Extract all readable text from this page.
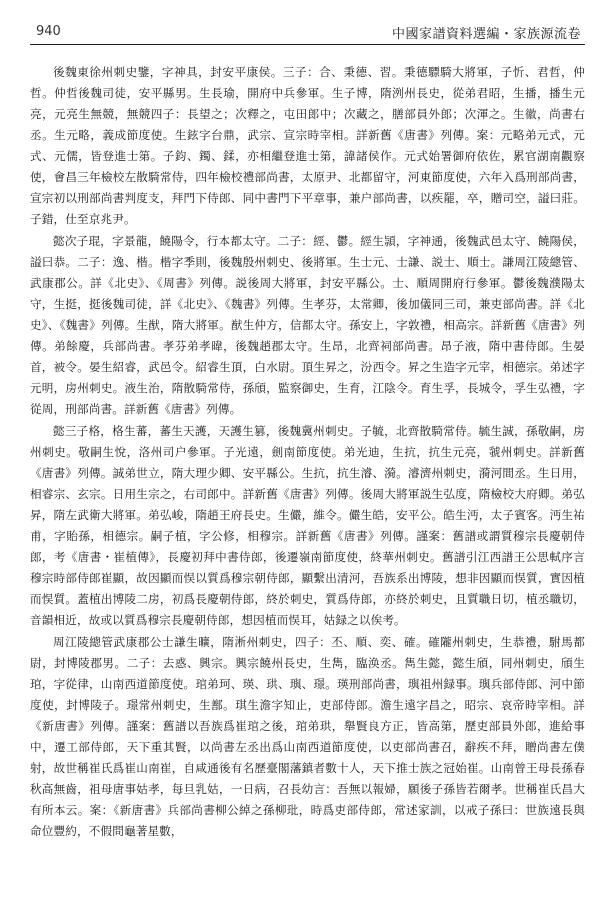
940	中國家譜資料選編・家族源流卷

後魏東徐州刺史鑒，字神具，封安平康侯。三子：合、秉德、習。秉德驃騎大將軍，子忻、君哲，仲哲。仲哲後魏司徒，安平縣男。生長瑜，開府中兵參軍。生子博，隋洌州長史，從弟君昭，生播，播生元亮，元亮生無競，無競四子：長望之；次釋之，屯田郎中；次藏之，膳部員外郎；次渾之。生徽，尚書右丞。生元略，義成節度使。生鉉字台鼎，武宗、宣宗時宰相。詳新舊《唐書》列傳。案：元略弟元式，元式、元儒，皆登進士第。子鈞、鐲、鍒，亦相繼登進士第，諱諸侯作。元式始署御府依佐，累官湖南觀察使，會昌三年檢校左散騎常侍，四年檢校禮部尚書，太原尹、北都留守，河東節度使，六年入爲刑部尚書，宣宗初以刑部尚書判度支，拜門下侍郎、同中書門下平章事，兼户部尚書，以疾罷，卒，贈司空，謚曰莊。子錯，仕至京兆尹。

懿次子琨，字景龍，饒陽令，行本都太守。二子：經、鬱。經生頴，字神通，後魏武邑太守、饒陽侯，謚曰恭。二子：逸、楷。楷字季則，後魏殷州刺史、後將軍。生士元、士謙、説士、順士。謙周江陵總管、武康郡公。詳《北史》、《周書》列傳。説後周大將軍，封安平縣公。士、順周開府行參軍。鬱後魏濮陽太守，生挺，挺後魏司徒，詳《北史》、《魏書》列傳。生孝芬，太常卿，後加儀同三司，兼吏部尚書。詳《北史》、《魏書》列傳。生猷，隋大將軍。猷生仲方，信都太守。孫安上，字敦禮，相高宗。詳新舊《唐書》列傳。弟餘慶，兵部尚書。孝芬弟孝暐，後魏趙郡太守。生昂，北齊祠部尚書。昂子液，隋中書侍郎。生晏首，被令。晏生紹睿，武邑令。紹睿生頂，白水尉。頂生昇之，汾西令。昇之生造字元宰，相德宗。弟述字元明，房州刺史。液生治，隋散騎常侍，孫頎，監察御史，生育，江陰令。育生孚，長城令，孚生弘禮，字從周，刑部尚書。詳新舊《唐書》列傳。

懿三子格，格生蕃，蕃生天護，天護生篡，後魏冀州刺史。子毓，北齊散騎常侍。毓生誠，孫敬嗣，房州刺史。敬嗣生悅，洛州司户參軍。子光遠，劍南節度使。弟光迪，生抗，抗生元亮，虢州刺史。詳新舊《唐書》列傳。誠弟世立，隋大理少卿、安平縣公。生抗，抗生濬、漪。濬濟州刺史，漪河間丞。生日用，相睿宗、玄宗。日用生宗之，右司郎中。詳新舊《唐書》列傳。後周大將軍説生弘度，隋檢校大府卿。弟弘昇，隋左武衛大將軍。弟弘峻，隋趙王府長史。生儼，維令。儼生皓，安平公。皓生沔，太子賓客。沔生祐甫，字貽孫，相德宗。嗣子植，字公修，相穆宗。詳新舊《唐書》列傳。謹案：舊譜或謂質穆宗長慶朝侍郎，考《唐書・崔植傳》，長慶初拜中書侍郎，後遷嶺南節度使，終華州刺史。舊譜引江西譜王公思軾序言穆宗時部侍郎崔顯，故因顯而悮以質爲穆宗朝侍郎，顯繫出清河，吾族系出博陵，想非因顯而悮質，實因植而悮質。蓋植出博陵二房，初爲長慶朝侍郎，終於刺史，質爲侍郎，亦終於刺史，且質職日切，植丞職切，音韻相近，故或以質爲穆宗長慶朝侍郎，想因植而悮耳，姑録之以俟考。

周江陵總管武康郡公士謙生曠，隋淅州刺史，四子：丕、順、奕、確。確隴州刺史，生恭禮，駙馬都尉，封博陵郡男。二子：去惑、興宗。興宗饒州長史，生雋，臨涣丞。雋生懿，懿生頎，同州刺史，頎生琯，字從律，山南西道節度使。琯弟珂、瑛、珙、璵、璟。瑛刑部尚書，璵祖州録事。璵兵部侍郎、河中節度使，封博陵子。璟常州刺史，生鄯。琪生澹字知止，吏部侍郎。澹生遠字昌之，昭宗、哀帝時宰相。詳《新唐書》列傳。謹案：舊譜以吾族爲崔琯之後，琯弟珙，舉賢良方正，皆高第，歷吏部員外郎，進給事中，遷工部侍郎，天下重其賢，以尚書左丞出爲山南西道節度使，以吏部尚書召，辭疾不拜，贈尚書左僕射，故世稱崔氏爲崔山南崔，自咸通後有名歷臺閣藩鎮者數十人，天下推士族之冠始崔。山南曾王母長孫春秋高無齒，祖母唐事姑孝，每旦乳姑，一日病，召長幼言：吾無以報婦，願後子孫皆若爾孝。世稱崔氏昌大有所本云。案：《新唐書》兵部尚書柳公綽之孫柳玭，時爲吏部侍郎，常述家訓，以戒子孫曰：世族遠長與命位豐約，不假問龜著星數，
